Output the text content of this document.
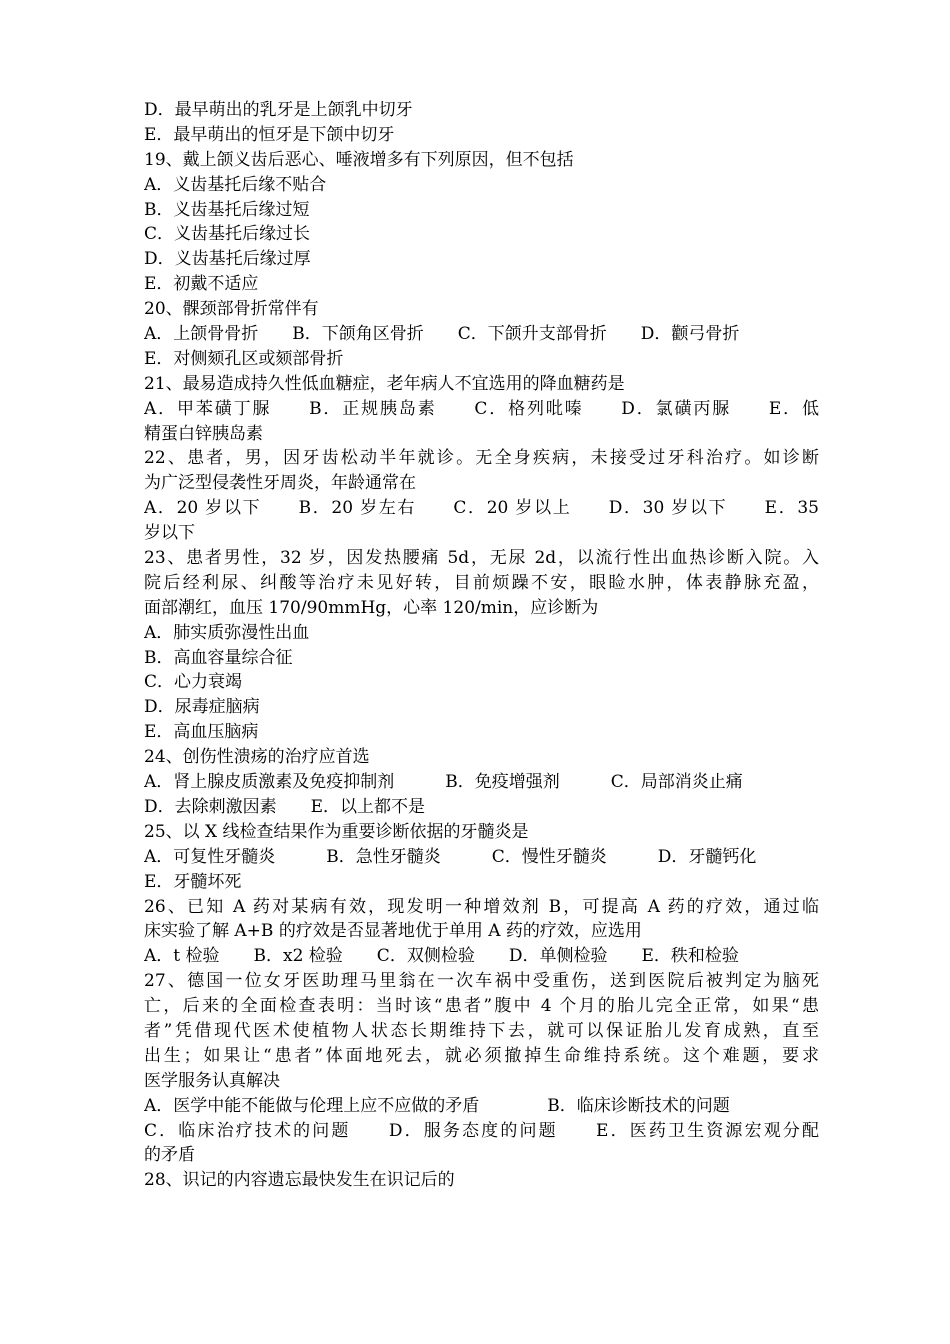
D．最早萌出的乳牙是上颌乳中切牙
E．最早萌出的恒牙是下颌中切牙
19、戴上颌义齿后恶心、唾液增多有下列原因，但不包括
A．义齿基托后缘不贴合
B．义齿基托后缘过短
C．义齿基托后缘过长
D．义齿基托后缘过厚
E．初戴不适应
20、髁颈部骨折常伴有
A．上颌骨骨折　　B．下颌角区骨折　　C．下颌升支部骨折　　D．颧弓骨折
E．对侧颏孔区或颏部骨折
21、最易造成持久性低血糖症，老年病人不宜选用的降血糖药是
A．甲苯磺丁脲　　B．正规胰岛素　　C．格列吡嗪　　D．氯磺丙脲　　E．低
精蛋白锌胰岛素
22、患者，男，因牙齿松动半年就诊。无全身疾病，未接受过牙科治疗。如诊断
为广泛型侵袭性牙周炎，年龄通常在
A．20 岁以下　　B．20 岁左右　　C．20 岁以上　　D．30 岁以下　　E．35
岁以下
23、患者男性，32 岁，因发热腰痛 5d，无尿 2d，以流行性出血热诊断入院。入
院后经利尿、纠酸等治疗未见好转，目前烦躁不安，眼睑水肿，体表静脉充盈，
面部潮红，血压 170/90mmHg，心率 120/min，应诊断为
A．肺实质弥漫性出血
B．高血容量综合征
C．心力衰竭
D．尿毒症脑病
E．高血压脑病
24、创伤性溃疡的治疗应首选
A．肾上腺皮质激素及免疫抑制剂　　　B．免疫增强剂　　　C．局部消炎止痛
D．去除刺激因素　　E．以上都不是
25、以 X 线检查结果作为重要诊断依据的牙髓炎是
A．可复性牙髓炎　　　B．急性牙髓炎　　　C．慢性牙髓炎　　　D．牙髓钙化
E．牙髓坏死
26、已知 A 药对某病有效，现发明一种增效剂 B，可提高 A 药的疗效，通过临
床实验了解 A+B 的疗效是否显著地优于单用 A 药的疗效，应选用
A．t 检验　　B．x2 检验　　C．双侧检验　　D．单侧检验　　E．秩和检验
27、德国一位女牙医助理马里翁在一次车祸中受重伤，送到医院后被判定为脑死
亡，后来的全面检查表明：当时该“患者”腹中 4 个月的胎儿完全正常，如果“患
者”凭借现代医术使植物人状态长期维持下去，就可以保证胎儿发育成熟，直至
出生；如果让“患者”体面地死去，就必须撤掉生命维持系统。这个难题，要求
医学服务认真解决
A．医学中能不能做与伦理上应不应做的矛盾　　　　B．临床诊断技术的问题
C．临床治疗技术的问题　　D．服务态度的问题　　E．医药卫生资源宏观分配
的矛盾
28、识记的内容遗忘最快发生在识记后的
